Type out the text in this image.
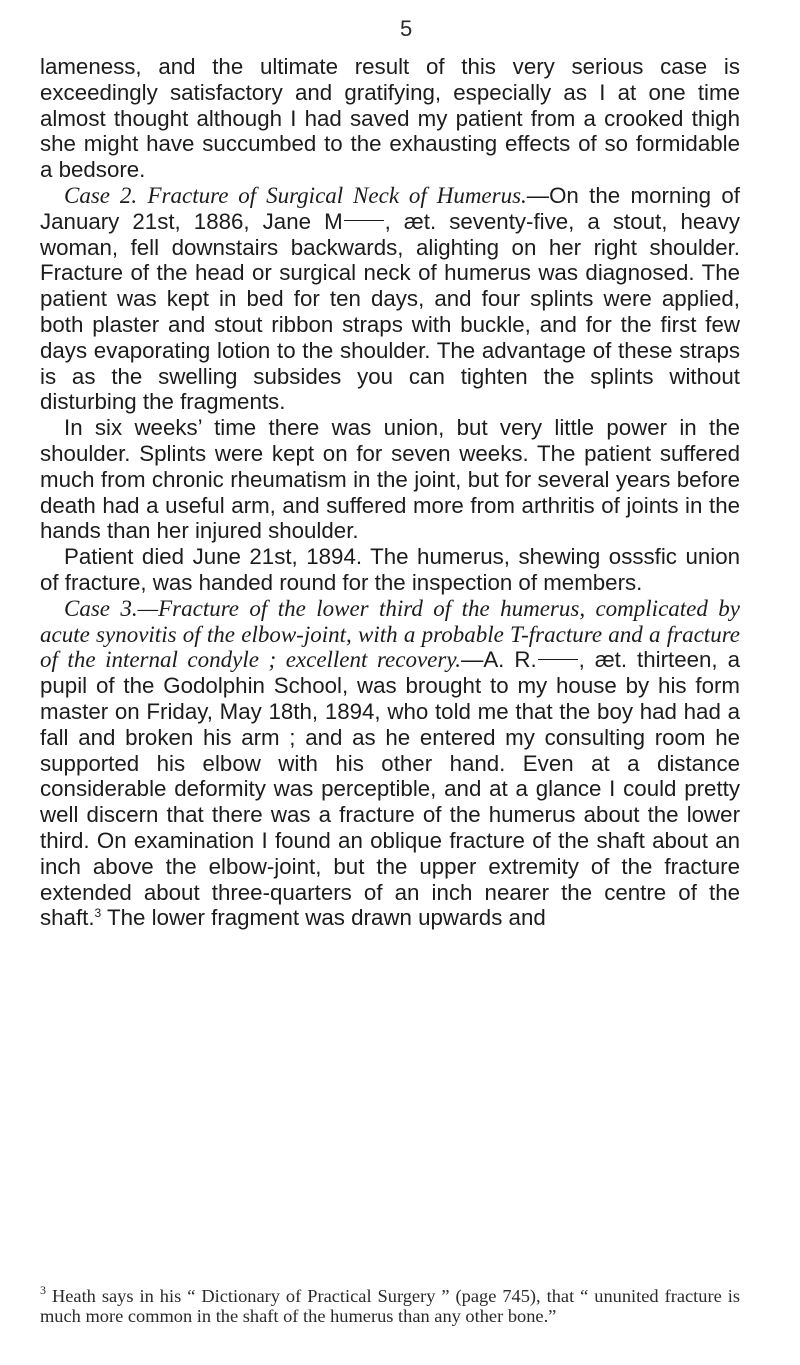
5

lameness, and the ultimate result of this very serious case is exceedingly satisfactory and gratifying, especially as I at one time almost thought although I had saved my patient from a crooked thigh she might have succumbed to the exhausting effects of so formidable a bedsore.

Case 2. Fracture of Surgical Neck of Humerus.—On the morning of January 21st, 1886, Jane M , æt. seventy-five, a stout, heavy woman, fell downstairs backwards, alighting on her right shoulder. Fracture of the head or surgical neck of humerus was diagnosed. The patient was kept in bed for ten days, and four splints were applied, both plaster and stout ribbon straps with buckle, and for the first few days evaporating lotion to the shoulder. The advantage of these straps is as the swelling subsides you can tighten the splints without disturbing the fragments.

In six weeks’ time there was union, but very little power in the shoulder. Splints were kept on for seven weeks. The patient suffered much from chronic rheumatism in the joint, but for several years before death had a useful arm, and suffered more from arthritis of joints in the hands than her injured shoulder.

Patient died June 21st, 1894. The humerus, shewing osssfic union of fracture, was handed round for the inspection of members.

Case 3.—Fracture of the lower third of the humerus, complicated by acute synovitis of the elbow-joint, with a probable T-fracture and a fracture of the internal condyle ; excellent recovery.—A. R. , æt. thirteen, a pupil of the Godolphin School, was brought to my house by his form master on Friday, May 18th, 1894, who told me that the boy had had a fall and broken his arm ; and as he entered my consulting room he supported his elbow with his other hand. Even at a distance considerable deformity was perceptible, and at a glance I could pretty well discern that there was a fracture of the humerus about the lower third. On examination I found an oblique fracture of the shaft about an inch above the elbow-joint, but the upper extremity of the fracture extended about three-quarters of an inch nearer the centre of the shaft.$^3$ The lower fragment was drawn upwards and

$^3$ Heath says in his “ Dictionary of Practical Surgery ” (page 745), that “ ununited fracture is much more common in the shaft of the humerus than any other bone.”
